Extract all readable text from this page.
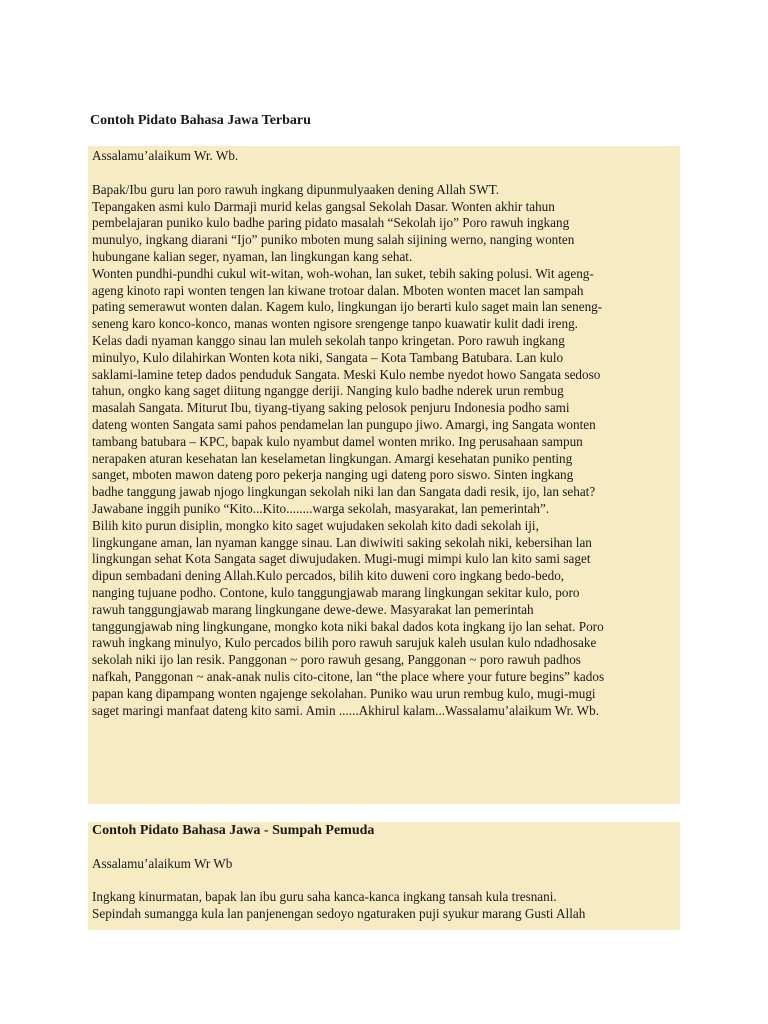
Contoh Pidato Bahasa Jawa Terbaru

Assalamu’alaikum Wr. Wb.

Bapak/Ibu guru lan poro rawuh ingkang dipunmulyaaken dening Allah SWT.

Tepangaken asmi kulo Darmaji murid kelas gangsal Sekolah Dasar. Wonten akhir tahun

pembelajaran puniko kulo badhe paring pidato masalah “Sekolah ijo” Poro rawuh ingkang

munulyo, ingkang diarani “Ijo” puniko mboten mung salah sijining werno, nanging wonten

hubungane kalian seger, nyaman, lan lingkungan kang sehat.

Wonten pundhi-pundhi cukul wit-witan, woh-wohan, lan suket, tebih saking polusi. Wit ageng-

ageng kinoto rapi wonten tengen lan kiwane trotoar dalan. Mboten wonten macet lan sampah

pating semerawut wonten dalan. Kagem kulo, lingkungan ijo berarti kulo saget main lan seneng-

seneng karo konco-konco, manas wonten ngisore srengenge tanpo kuawatir kulit dadi ireng.

Kelas dadi nyaman kanggo sinau lan muleh sekolah tanpo kringetan. Poro rawuh ingkang

minulyo, Kulo dilahirkan Wonten kota niki, Sangata – Kota Tambang Batubara. Lan kulo

saklami-lamine tetep dados penduduk Sangata. Meski Kulo nembe nyedot howo Sangata sedoso

tahun, ongko kang saget diitung ngangge deriji. Nanging kulo badhe nderek urun rembug

masalah Sangata. Miturut Ibu, tiyang-tiyang saking pelosok penjuru Indonesia podho sami

dateng wonten Sangata sami pahos pendamelan lan pungupo jiwo. Amargi, ing Sangata wonten

tambang batubara – KPC, bapak kulo nyambut damel wonten mriko. Ing perusahaan sampun

nerapaken aturan kesehatan lan keselametan lingkungan. Amargi kesehatan puniko penting

sanget, mboten mawon dateng poro pekerja nanging ugi dateng poro siswo. Sinten ingkang

badhe tanggung jawab njogo lingkungan sekolah niki lan dan Sangata dadi resik, ijo, lan sehat?

Jawabane inggih puniko “Kito...Kito........warga sekolah, masyarakat, lan pemerintah”.

Bilih kito purun disiplin, mongko kito saget wujudaken sekolah kito dadi sekolah iji,

lingkungane aman, lan nyaman kangge sinau. Lan diwiwiti saking sekolah niki, kebersihan lan

lingkungan sehat Kota Sangata saget diwujudaken. Mugi-mugi mimpi kulo lan kito sami saget

dipun sembadani dening Allah.Kulo percados, bilih kito duweni coro ingkang bedo-bedo,

nanging tujuane podho. Contone, kulo tanggungjawab marang lingkungan sekitar kulo, poro

rawuh tanggungjawab marang lingkungane dewe-dewe. Masyarakat lan pemerintah

tanggungjawab ning lingkungane, mongko kota niki bakal dados kota ingkang ijo lan sehat. Poro

rawuh ingkang minulyo, Kulo percados bilih poro rawuh sarujuk kaleh usulan kulo ndadhosake

sekolah niki ijo lan resik. Panggonan ~ poro rawuh gesang, Panggonan ~ poro rawuh padhos

nafkah, Panggonan ~ anak-anak nulis cito-citone, lan “the place where your future begins” kados

papan kang dipampang wonten ngajenge sekolahan. Puniko wau urun rembug kulo, mugi-mugi

saget maringi manfaat dateng kito sami. Amin ......Akhirul kalam...Wassalamu’alaikum Wr. Wb.

Contoh Pidato Bahasa Jawa - Sumpah Pemuda

Assalamu’alaikum Wr Wb

Ingkang kinurmatan, bapak lan ibu guru saha kanca-kanca ingkang tansah kula tresnani.

Sepindah sumangga kula lan panjenengan sedoyo ngaturaken puji syukur marang Gusti Allah
